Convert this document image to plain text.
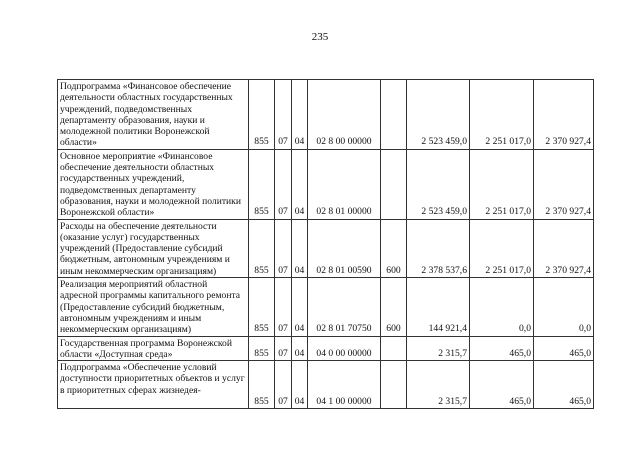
235
Подпрограмма «Финансовое обеспечение деятельности областных государственных учреждений, подведомственных департаменту образования, науки и молодежной политики Воронежской области»	855	07	04	02 8 00 00000		2 523 459,0	2 251 017,0	2 370 927,4
Основное мероприятие «Финансовое обеспечение деятельности областных государственных учреждений, подведомственных департаменту образования, науки и молодежной политики Воронежской области»	855	07	04	02 8 01 00000		2 523 459,0	2 251 017,0	2 370 927,4
Расходы на обеспечение деятельности (оказание услуг) государственных учреждений (Предоставление субсидий бюджетным, автономным учреждениям и иным некоммерческим организациям)	855	07	04	02 8 01 00590	600	2 378 537,6	2 251 017,0	2 370 927,4
Реализация мероприятий областной адресной программы капитального ремонта (Предоставление субсидий бюджетным, автономным учреждениям и иным некоммерческим организациям)	855	07	04	02 8 01 70750	600	144 921,4	0,0	0,0
Государственная программа Воронежской области «Доступная среда»	855	07	04	04 0 00 00000		2 315,7	465,0	465,0
Подпрограмма «Обеспечение условий доступности приоритетных объектов и услуг в приоритетных сферах жизнедея-	855	07	04	04 1 00 00000		2 315,7	465,0	465,0
